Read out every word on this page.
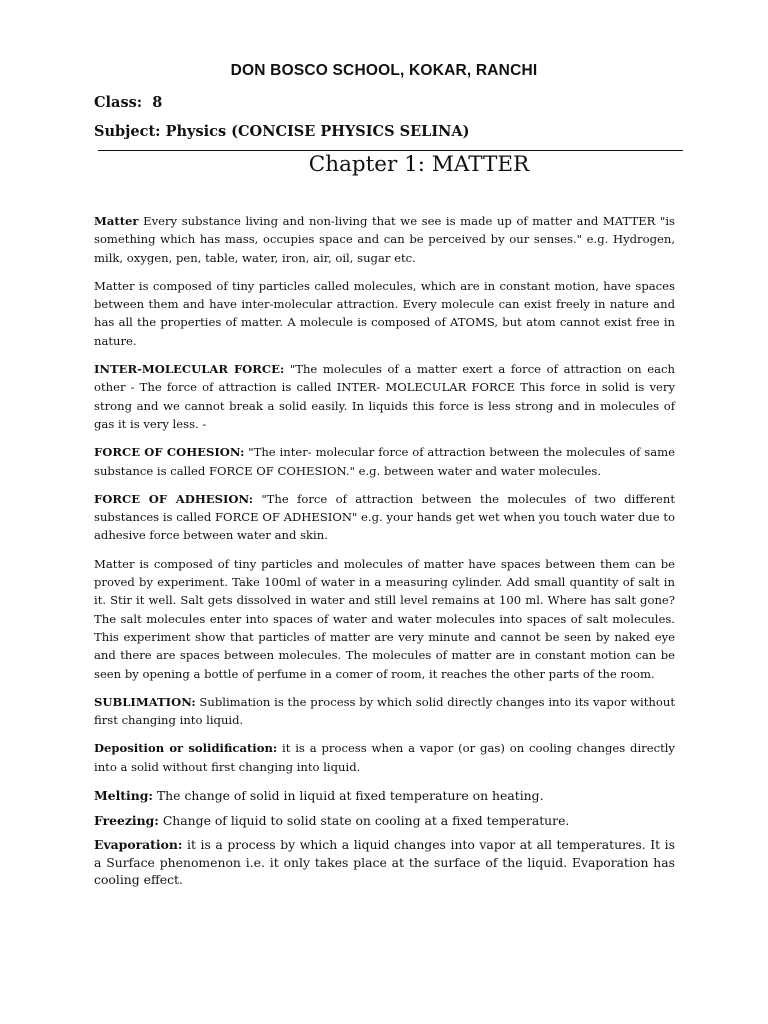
DON BOSCO SCHOOL, KOKAR, RANCHI
Class: 8
Subject: Physics (CONCISE PHYSICS SELINA)
Chapter 1: MATTER

Matter Every substance living and non-living that we see is made up of matter and MATTER "is something which has mass, occupies space and can be perceived by our senses." e.g. Hydrogen, milk, oxygen, pen, table, water, iron, air, oil, sugar etc.

Matter is composed of tiny particles called molecules, which are in constant motion, have spaces between them and have inter-molecular attraction. Every molecule can exist freely in nature and has all the properties of matter. A molecule is composed of ATOMS, but atom cannot exist free in nature.

INTER-MOLECULAR FORCE: "The molecules of a matter exert a force of attraction on each other - The force of attraction is called INTER- MOLECULAR FORCE This force in solid is very strong and we cannot break a solid easily. In liquids this force is less strong and in molecules of gas it is very less. -

FORCE OF COHESION: "The inter- molecular force of attraction between the molecules of same substance is called FORCE OF COHESION." e.g. between water and water molecules.

FORCE OF ADHESION: "The force of attraction between the molecules of two different substances is called FORCE OF ADHESION" e.g. your hands get wet when you touch water due to adhesive force between water and skin.

Matter is composed of tiny particles and molecules of matter have spaces between them can be proved by experiment. Take 100ml of water in a measuring cylinder. Add small quantity of salt in it. Stir it well. Salt gets dissolved in water and still level remains at 100 ml. Where has salt gone? The salt molecules enter into spaces of water and water molecules into spaces of salt molecules. This experiment show that particles of matter are very minute and cannot be seen by naked eye and there are spaces between molecules. The molecules of matter are in constant motion can be seen by opening a bottle of perfume in a comer of room, it reaches the other parts of the room.

SUBLIMATION: Sublimation is the process by which solid directly changes into its vapor without first changing into liquid.

Deposition or solidification: it is a process when a vapor (or gas) on cooling changes directly into a solid without first changing into liquid.

Melting: The change of solid in liquid at fixed temperature on heating.

Freezing: Change of liquid to solid state on cooling at a fixed temperature.

Evaporation: it is a process by which a liquid changes into vapor at all temperatures. It is a Surface phenomenon i.e. it only takes place at the surface of the liquid. Evaporation has cooling effect.
